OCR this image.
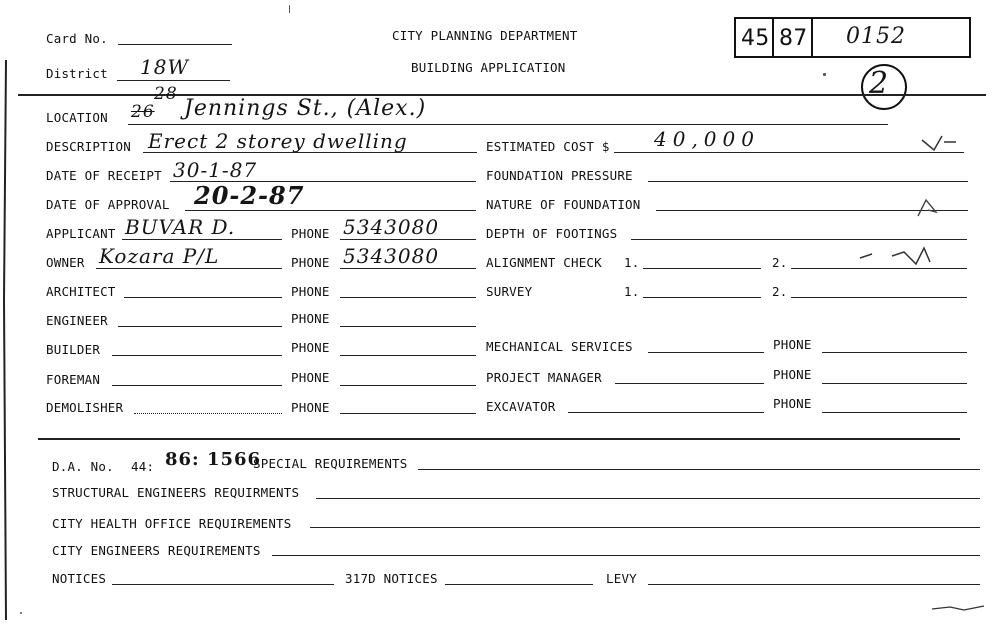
Card No.
District 18W
CITY PLANNING DEPARTMENT
BUILDING APPLICATION
45 87 0152
2
LOCATION 26
28
Jennings St., (Alex.)
DESCRIPTION Erect 2 storey dwelling	ESTIMATED COST $ 40,000
DATE OF RECEIPT 30-1-87	FOUNDATION PRESSURE
DATE OF APPROVAL 20-2-87	NATURE OF FOUNDATION
APPLICANT BUVAR D.	PHONE 5343080	DEPTH OF FOOTINGS
OWNER Kozara P/L	PHONE 5343080	ALIGNMENT CHECK 1.	2.
ARCHITECT	PHONE	SURVEY	1.	2.
ENGINEER	PHONE
BUILDER	PHONE	MECHANICAL SERVICES	PHONE
FOREMAN	PHONE	PROJECT MANAGER	PHONE
DEMOLISHER	PHONE	EXCAVATOR	PHONE
D.A. No. 44: 86: 1566
SPECIAL REQUIREMENTS
STRUCTURAL ENGINEERS REQUIRMENTS
CITY HEALTH OFFICE REQUIREMENTS
CITY ENGINEERS REQUIREMENTS
NOTICES	317D NOTICES	LEVY
